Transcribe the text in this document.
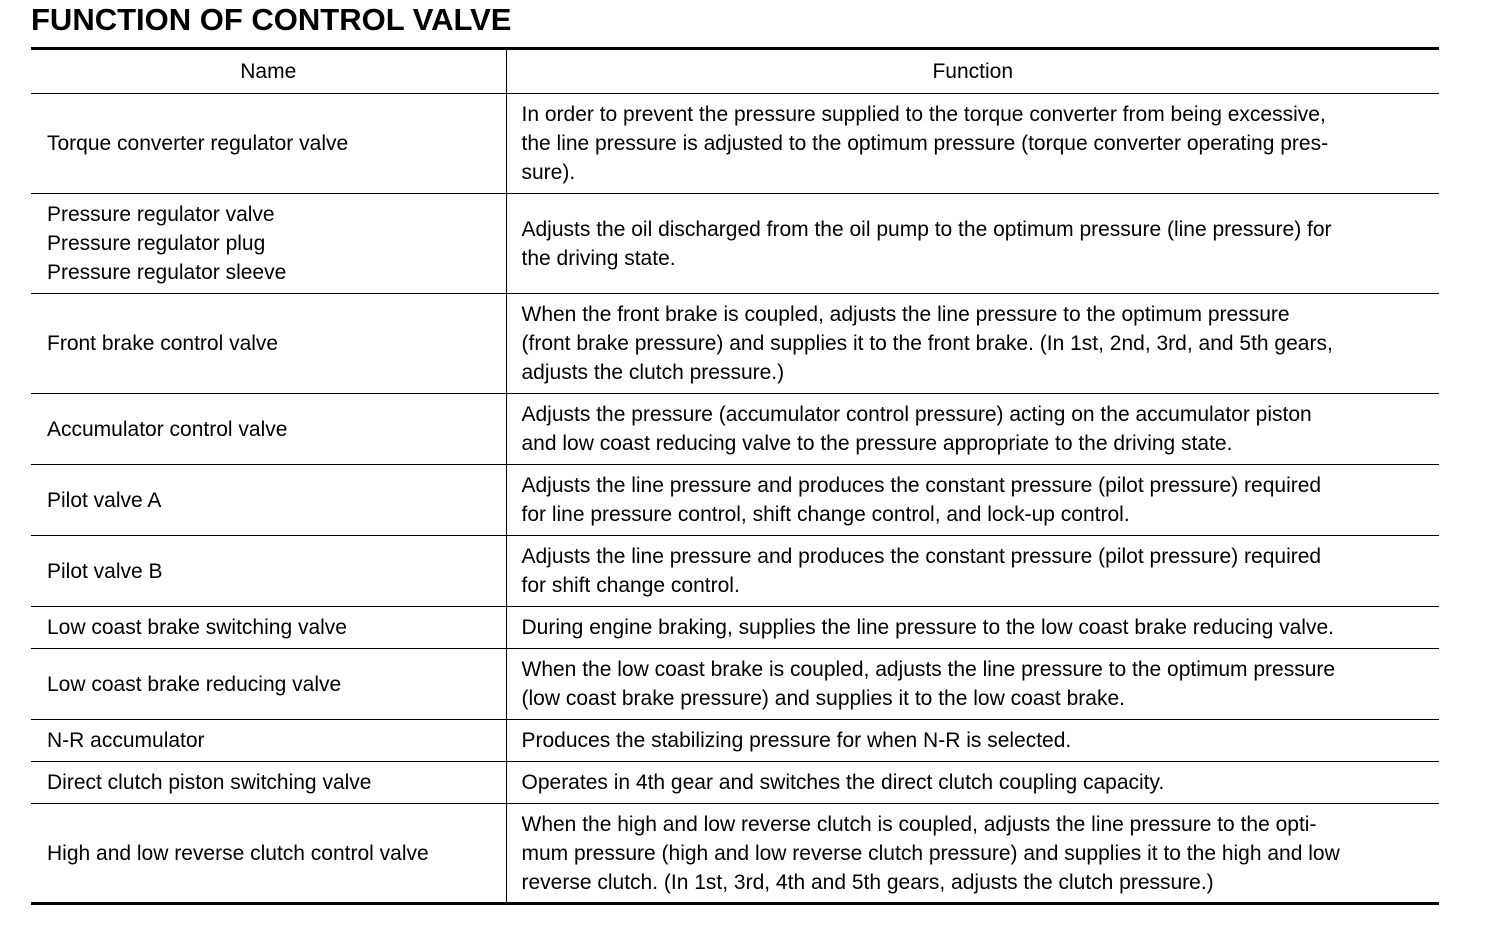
FUNCTION OF CONTROL VALVE
Name	Function

Torque converter regulator valve	In order to prevent the pressure supplied to the torque converter from being excessive,
the line pressure is adjusted to the optimum pressure (torque converter operating pres-
sure).

Pressure regulator valve
Pressure regulator plug
Pressure regulator sleeve	Adjusts the oil discharged from the oil pump to the optimum pressure (line pressure) for
the driving state.

Front brake control valve	When the front brake is coupled, adjusts the line pressure to the optimum pressure
(front brake pressure) and supplies it to the front brake. (In 1st, 2nd, 3rd, and 5th gears,
adjusts the clutch pressure.)

Accumulator control valve	Adjusts the pressure (accumulator control pressure) acting on the accumulator piston
and low coast reducing valve to the pressure appropriate to the driving state.

Pilot valve A	Adjusts the line pressure and produces the constant pressure (pilot pressure) required
for line pressure control, shift change control, and lock-up control.

Pilot valve B	Adjusts the line pressure and produces the constant pressure (pilot pressure) required
for shift change control.

Low coast brake switching valve	During engine braking, supplies the line pressure to the low coast brake reducing valve.

Low coast brake reducing valve	When the low coast brake is coupled, adjusts the line pressure to the optimum pressure
(low coast brake pressure) and supplies it to the low coast brake.

N-R accumulator	Produces the stabilizing pressure for when N-R is selected.

Direct clutch piston switching valve	Operates in 4th gear and switches the direct clutch coupling capacity.

High and low reverse clutch control valve	When the high and low reverse clutch is coupled, adjusts the line pressure to the opti-
mum pressure (high and low reverse clutch pressure) and supplies it to the high and low
reverse clutch. (In 1st, 3rd, 4th and 5th gears, adjusts the clutch pressure.)
